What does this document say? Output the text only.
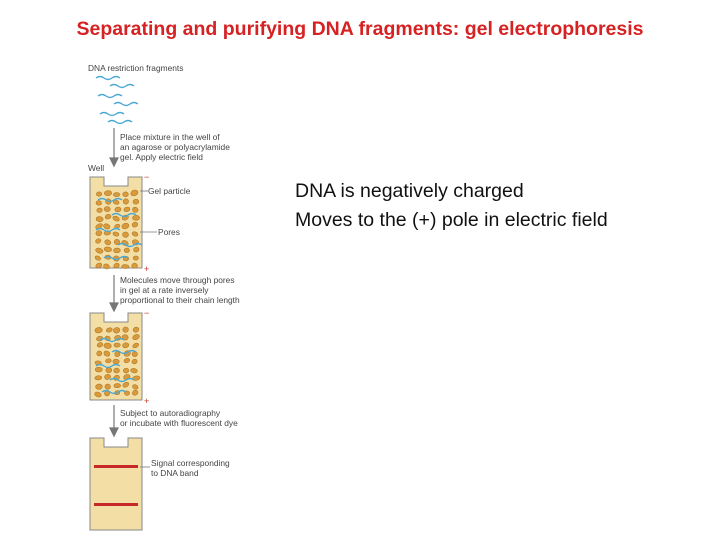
Separating and purifying DNA fragments: gel electrophoresis
DNA is negatively charged
Moves to the (+) pole in electric field
DNA restriction fragments
Place mixture in the well of
an agarose or polyacrylamide
gel. Apply electric field
Well
−
+
Gel particle
Pores
Molecules move through pores
in gel at a rate inversely
proportional to their chain length
−
+
Subject to autoradiography
or incubate with fluorescent dye
Signal corresponding
to DNA band
